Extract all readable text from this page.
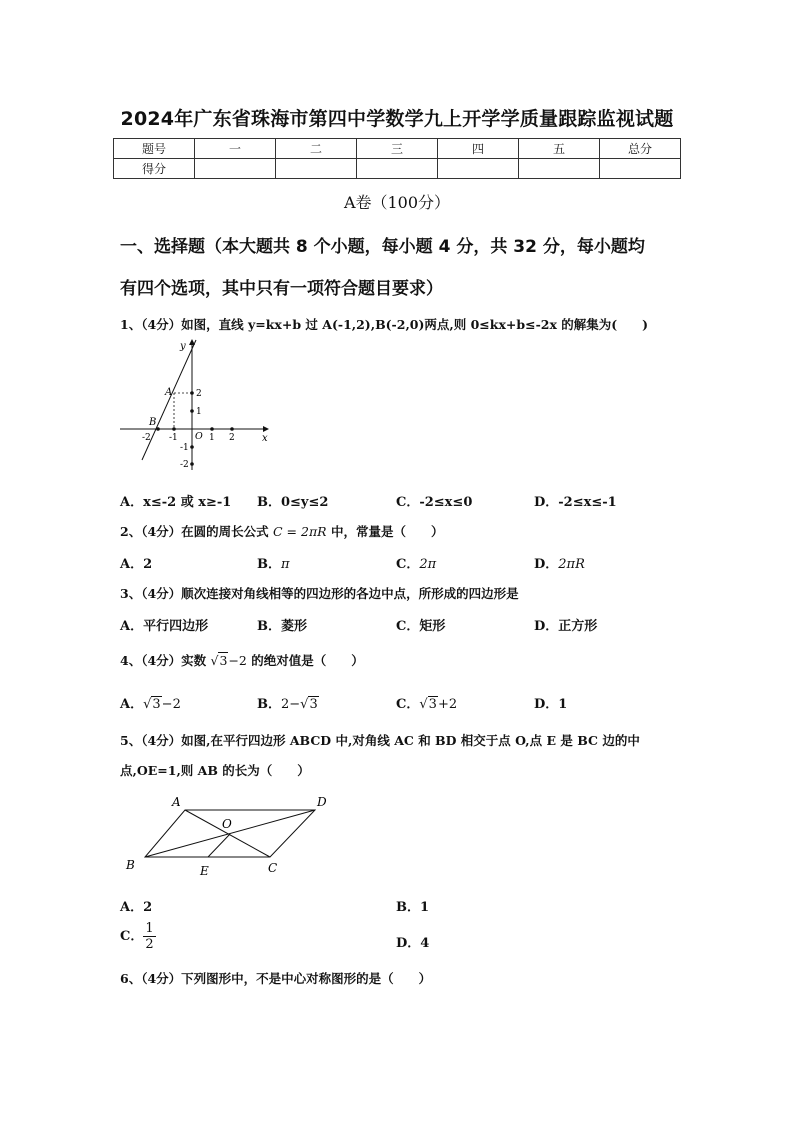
2024年广东省珠海市第四中学数学九上开学学质量跟踪监视试题
题号	一	二	三	四	五	总分
得分						
A卷（100分）
一、选择题（本大题共 8 个小题，每小题 4 分，共 32 分，每小题均
有四个选项，其中只有一项符合题目要求）
1、（4分）如图，直线 y=kx+b 过 A(-1,2),B(-2,0)两点,则 0≤kx+b≤-2x 的解集为(　　)
x
y
O
A
B
-2 -1	1 2
2
1
-1
-2
A．x≤-2 或 x≥-1 B．0≤y≤2	C．-2≤x≤0	D．-2≤x≤-1
2、（4分）在圆的周长公式 C = 2πR 中，常量是（　　）
A．2	B．π	C．2π	D．2πR
3、（4分）顺次连接对角线相等的四边形的各边中点，所形成的四边形是
A．平行四边形	B．菱形	C．矩形	D．正方形
4、（4分）实数 √3−2 的绝对值是（　　）
A．√3−2	B．2−√3	C．√3+2	D．1
5、（4分）如图,在平行四边形 ABCD 中,对角线 AC 和 BD 相交于点 O,点 E 是 BC 边的中
点,OE=1,则 AB 的长为（　　）
A	D
B	C
O
E
A．2	B．1
C． $\frac{1}{2}$	D．4
6、（4分）下列图形中，不是中心对称图形的是（　　）
